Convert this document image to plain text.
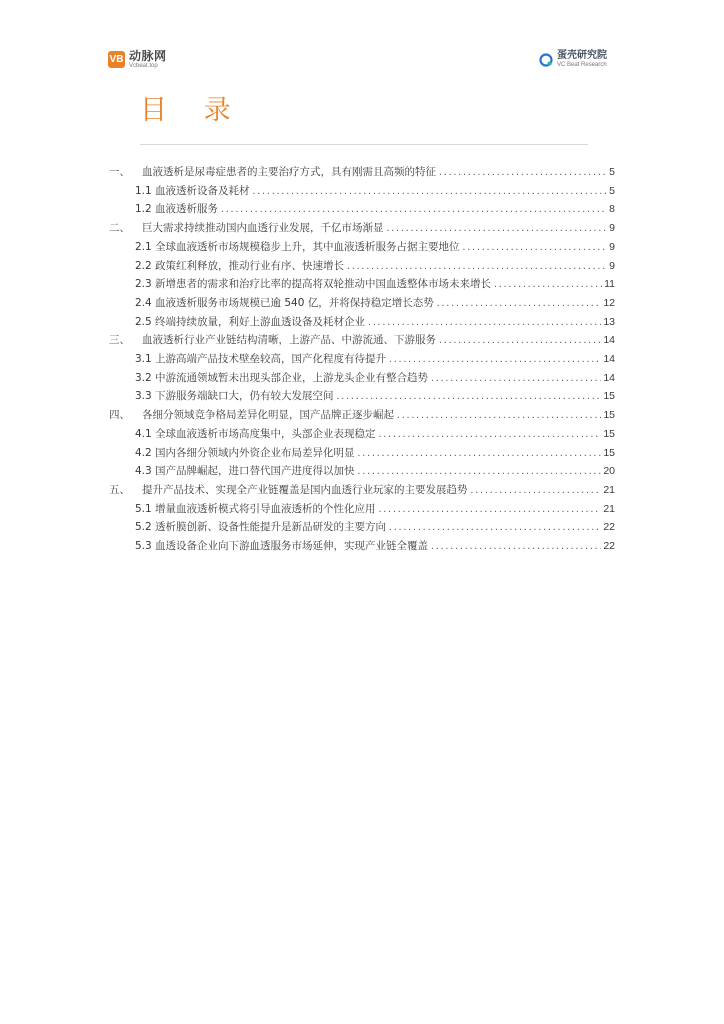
VB 动脉网
Vcbeat.top
蛋壳研究院
VC Beat Research
目 录
一、	血液透析是尿毒症患者的主要治疗方式，具有刚需且高频的特征 .....	5
1.1 血液透析设备及耗材 .....	5
1.2 血液透析服务 .....	8
二、	巨大需求持续推动国内血透行业发展，千亿市场渐显 .....	9
2.1 全球血液透析市场规模稳步上升，其中血液透析服务占据主要地位 .....	9
2.2 政策红利释放，推动行业有序、快速增长 .....	9
2.3 新增患者的需求和治疗比率的提高将双轮推动中国血透整体市场未来增长 .....	11
2.4 血液透析服务市场规模已逾 540 亿，并将保持稳定增长态势 .....	12
2.5 终端持续放量，利好上游血透设备及耗材企业 .....	13
三、	血液透析行业产业链结构清晰，上游产品、中游流通、下游服务 .....	14
3.1 上游高端产品技术壁垒较高，国产化程度有待提升 .....	14
3.2 中游流通领域暂未出现头部企业，上游龙头企业有整合趋势 .....	14
3.3 下游服务端缺口大，仍有较大发展空间 .....	15
四、	各细分领域竞争格局差异化明显，国产品牌正逐步崛起 .....	15
4.1 全球血液透析市场高度集中，头部企业表现稳定 .....	15
4.2 国内各细分领域内外资企业布局差异化明显 .....	15
4.3 国产品牌崛起，进口替代国产进度得以加快 .....	20
五、	提升产品技术、实现全产业链覆盖是国内血透行业玩家的主要发展趋势 .....	21
5.1 增量血液透析模式将引导血液透析的个性化应用 .....	21
5.2 透析膜创新、设备性能提升是新品研发的主要方向 .....	22
5.3 血透设备企业向下游血透服务市场延伸，实现产业链全覆盖 .....	22
